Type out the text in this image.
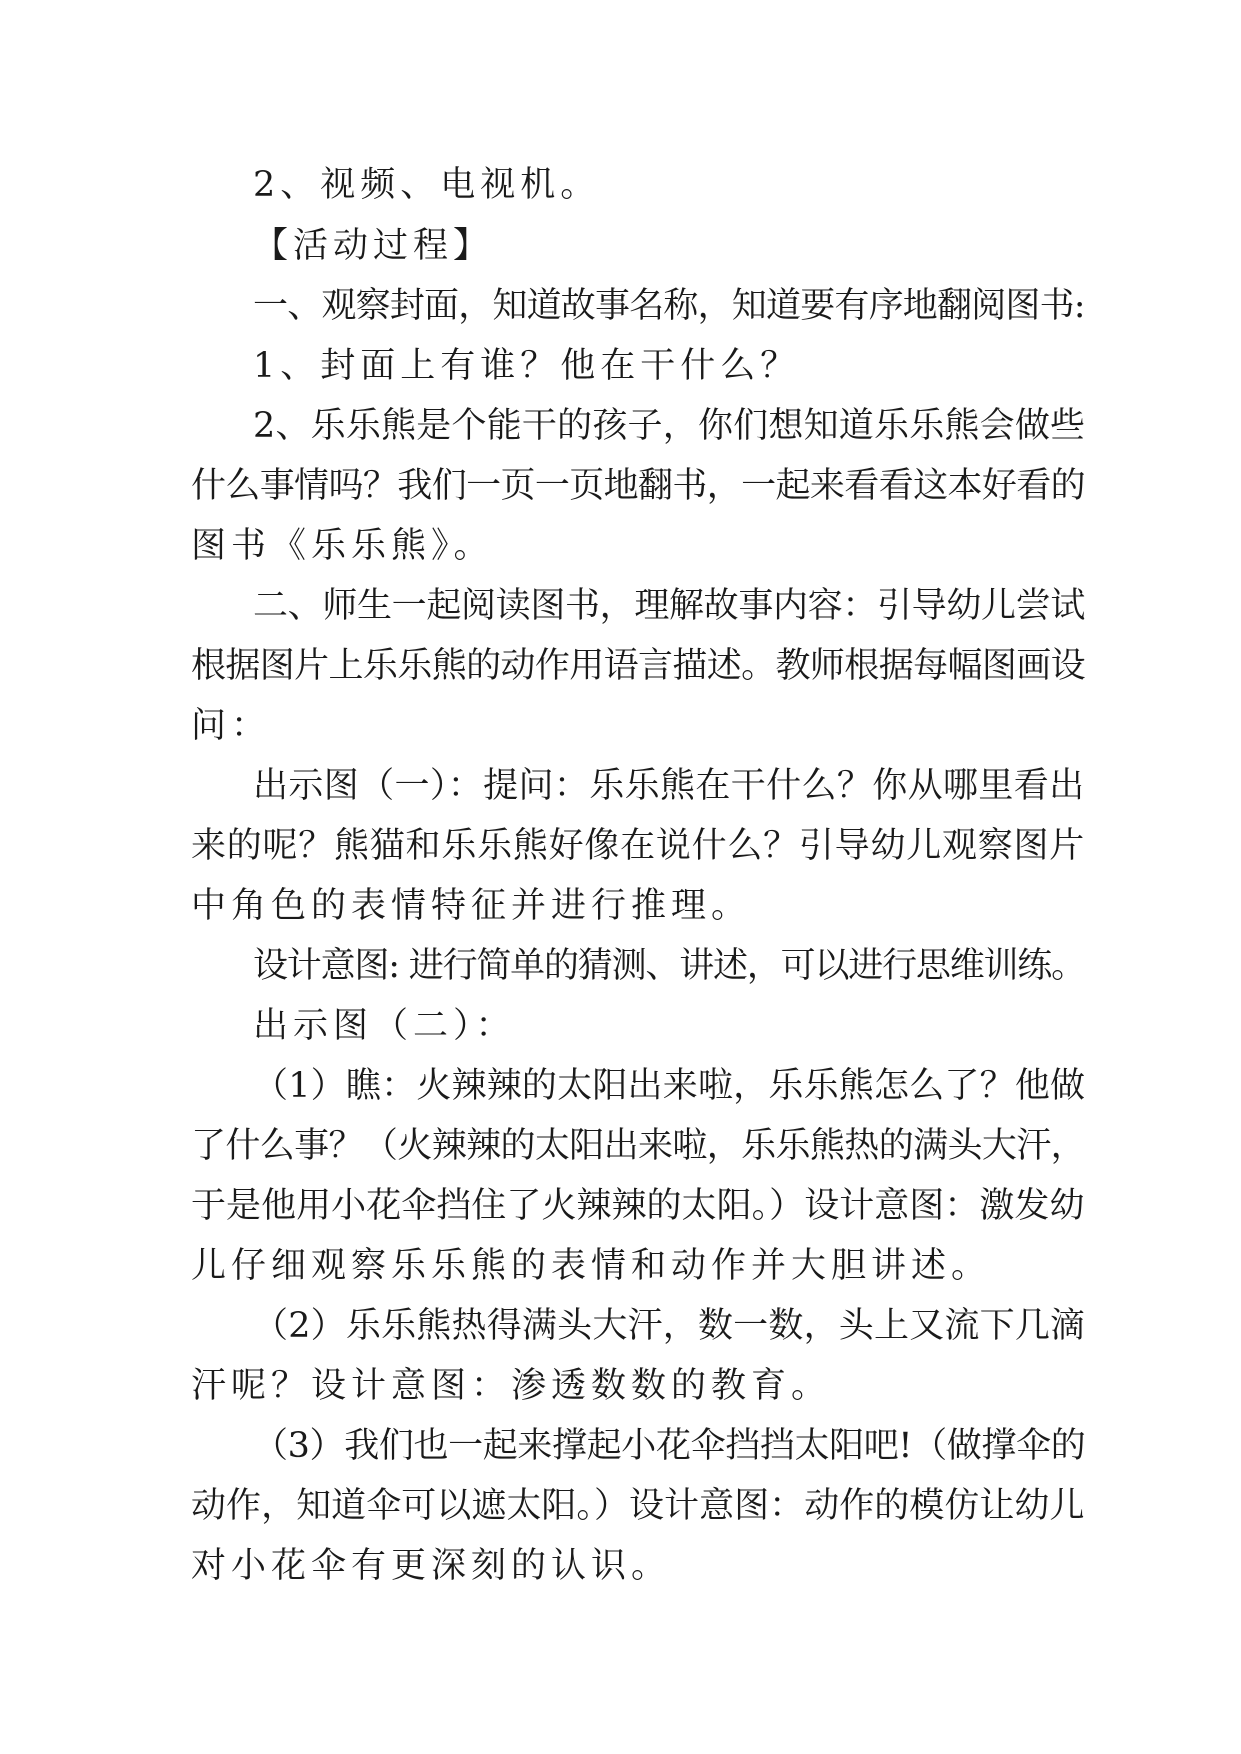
2、视频、电视机。
【活动过程】
一、观察封面，知道故事名称，知道要有序地翻阅图书:
1、封面上有谁？他在干什么？
2、乐乐熊是个能干的孩子，你们想知道乐乐熊会做些
什么事情吗？我们一页一页地翻书，一起来看看这本好看的
图书《乐乐熊》。
二、师生一起阅读图书，理解故事内容：引导幼儿尝试
根据图片上乐乐熊的动作用语言描述。教师根据每幅图画设
问：
出示图（一）：提问：乐乐熊在干什么？你从哪里看出
来的呢？熊猫和乐乐熊好像在说什么？引导幼儿观察图片
中角色的表情特征并进行推理。
设计意图: 进行简单的猜测、讲述，可以进行思维训练。
出示图（二）：
（1）瞧：火辣辣的太阳出来啦，乐乐熊怎么了？他做
了什么事？（火辣辣的太阳出来啦，乐乐熊热的满头大汗，
于是他用小花伞挡住了火辣辣的太阳。）设计意图：激发幼
儿仔细观察乐乐熊的表情和动作并大胆讲述。
（2）乐乐熊热得满头大汗，数一数，头上又流下几滴
汗呢？设计意图：渗透数数的教育。
（3）我们也一起来撑起小花伞挡挡太阳吧!（做撑伞的
动作，知道伞可以遮太阳。）设计意图：动作的模仿让幼儿
对小花伞有更深刻的认识。
